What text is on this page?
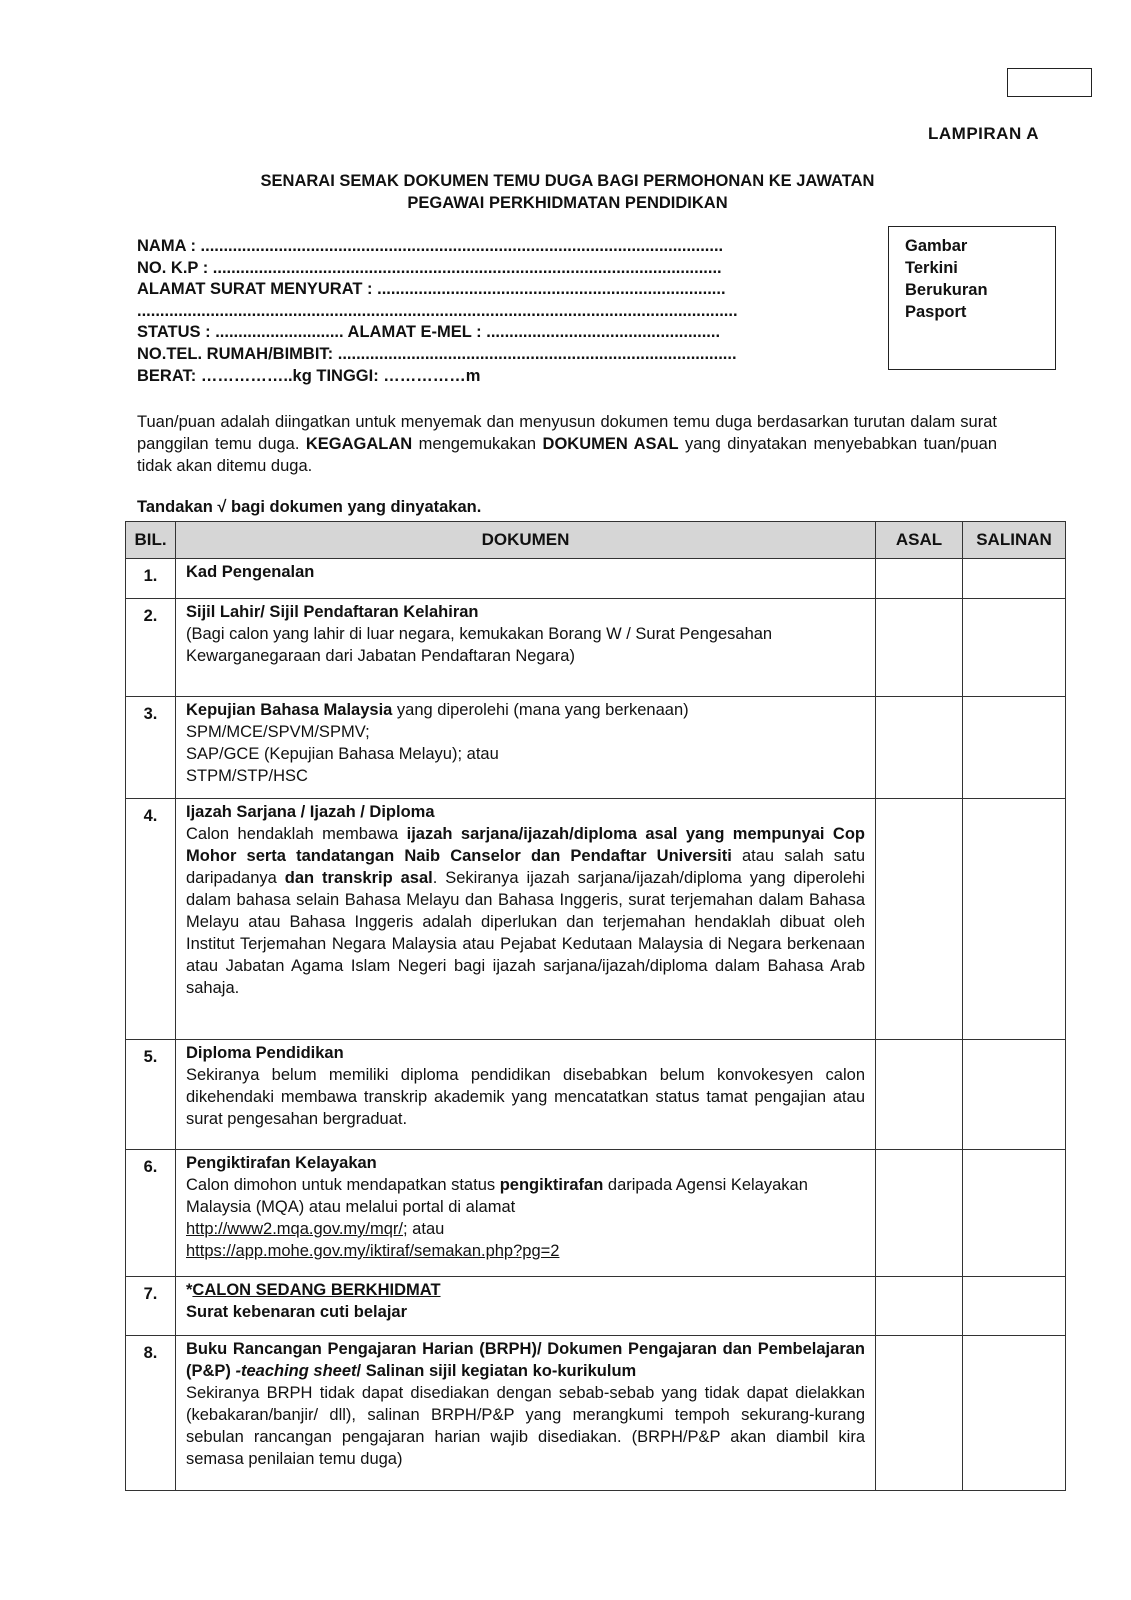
LAMPIRAN A
SENARAI SEMAK DOKUMEN TEMU DUGA BAGI PERMOHONAN KE JAWATAN
PEGAWAI PERKHIDMATAN PENDIDIKAN
Gambar
Terkini
Berukuran
Pasport
NAMA : ..................................................................................................................
NO. K.P : ...............................................................................................................
ALAMAT SURAT MENYURAT : ............................................................................
...................................................................................................................................
STATUS : ............................ ALAMAT E-MEL : ...................................................
NO.TEL. RUMAH/BIMBIT: .......................................................................................
BERAT: ……………..kg TINGGI: ……………m
Tuan/puan adalah diingatkan untuk menyemak dan menyusun dokumen temu duga berdasarkan turutan dalam surat panggilan temu duga. KEGAGALAN mengemukakan DOKUMEN ASAL yang dinyatakan menyebabkan tuan/puan tidak akan ditemu duga.
Tandakan √ bagi dokumen yang dinyatakan.
BIL.	DOKUMEN	ASAL	SALINAN
1.	Kad Pengenalan		

2.	Sijil Lahir/ Sijil Pendaftaran Kelahiran
(Bagi calon yang lahir di luar negara, kemukakan Borang W / Surat Pengesahan Kewarganegaraan dari Jabatan Pendaftaran Negara)		

3.	Kepujian Bahasa Malaysia yang diperolehi (mana yang berkenaan)
SPM/MCE/SPVM/SPMV;
SAP/GCE (Kepujian Bahasa Melayu); atau
STPM/STP/HSC		

4.	Ijazah Sarjana / Ijazah / Diploma
Calon hendaklah membawa ijazah sarjana/ijazah/diploma asal yang mempunyai Cop Mohor serta tandatangan Naib Canselor dan Pendaftar Universiti atau salah satu daripadanya dan transkrip asal. Sekiranya ijazah sarjana/ijazah/diploma yang diperolehi dalam bahasa selain Bahasa Melayu dan Bahasa Inggeris, surat terjemahan dalam Bahasa Melayu atau Bahasa Inggeris adalah diperlukan dan terjemahan hendaklah dibuat oleh Institut Terjemahan Negara Malaysia atau Pejabat Kedutaan Malaysia di Negara berkenaan atau Jabatan Agama Islam Negeri bagi ijazah sarjana/ijazah/diploma dalam Bahasa Arab sahaja.		

5.	Diploma Pendidikan
Sekiranya belum memiliki diploma pendidikan disebabkan belum konvokesyen calon dikehendaki membawa transkrip akademik yang mencatatkan status tamat pengajian atau surat pengesahan bergraduat.		

6.	Pengiktirafan Kelayakan
Calon dimohon untuk mendapatkan status pengiktirafan daripada Agensi Kelayakan Malaysia (MQA) atau melalui portal di alamat
http://www2.mqa.gov.my/mqr/; atau
https://app.mohe.gov.my/iktiraf/semakan.php?pg=2		

7.	*CALON SEDANG BERKHIDMAT
Surat kebenaran cuti belajar		

8.	Buku Rancangan Pengajaran Harian (BRPH)/ Dokumen Pengajaran dan Pembelajaran (P&P) -teaching sheet/ Salinan sijil kegiatan ko-kurikulum
Sekiranya BRPH tidak dapat disediakan dengan sebab-sebab yang tidak dapat dielakkan (kebakaran/banjir/ dll), salinan BRPH/P&P yang merangkumi tempoh sekurang-kurang sebulan rancangan pengajaran harian wajib disediakan. (BRPH/P&P akan diambil kira semasa penilaian temu duga)		
